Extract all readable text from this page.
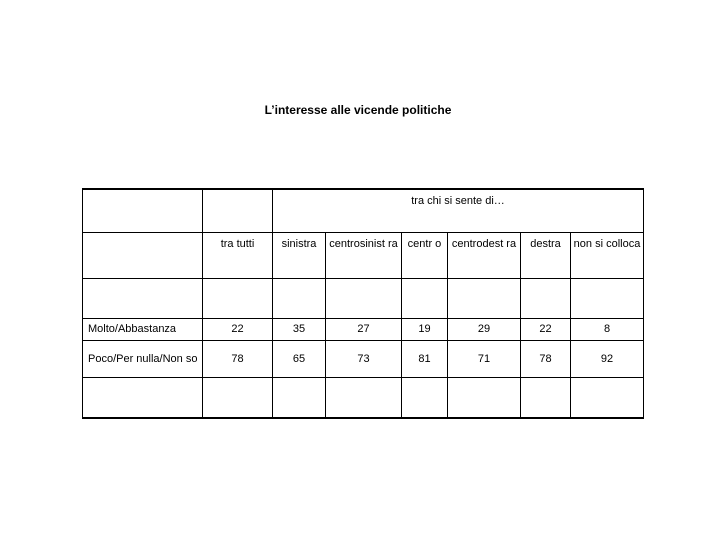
L’interesse alle vicende politiche
		tra chi si sente di…					
	tra tutti	sinistra	centrosinist ra	centr o	centrodest ra	destra	non si colloca

Molto/Abbastanza	22	35	27	19	29	22	8
Poco/Per nulla/Non so	78	65	73	81	71	78	92
